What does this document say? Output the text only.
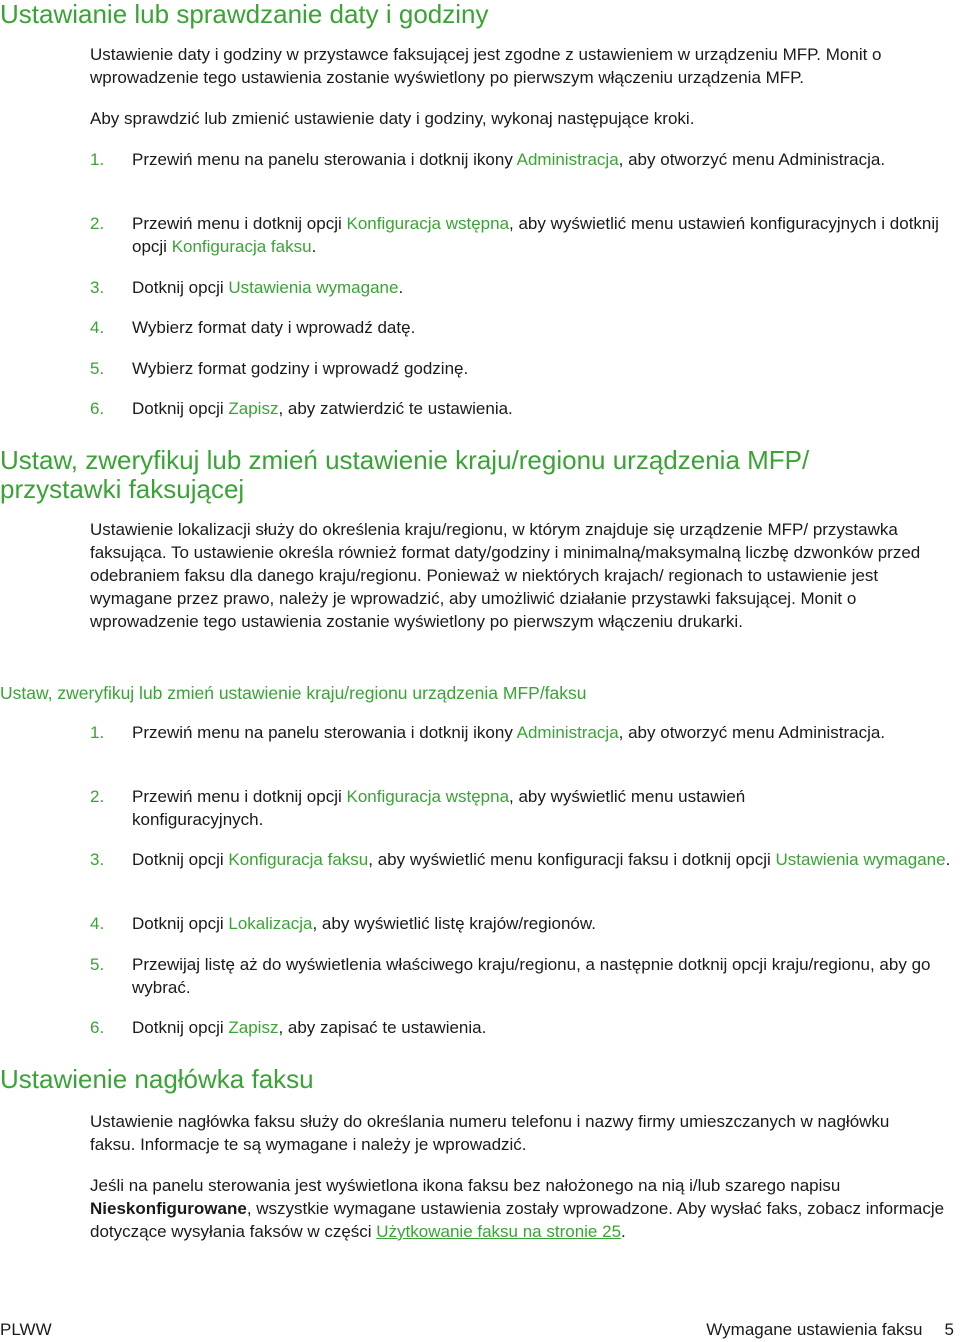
Ustawianie lub sprawdzanie daty i godziny

Ustawienie daty i godziny w przystawce faksującej jest zgodne z ustawieniem w urządzeniu MFP. Monit o wprowadzenie tego ustawienia zostanie wyświetlony po pierwszym włączeniu urządzenia MFP.

Aby sprawdzić lub zmienić ustawienie daty i godziny, wykonaj następujące kroki.

1.	Przewiń menu na panelu sterowania i dotknij ikony Administracja, aby otworzyć menu Administracja.
2.	Przewiń menu i dotknij opcji Konfiguracja wstępna, aby wyświetlić menu ustawień konfiguracyjnych i dotknij opcji Konfiguracja faksu.
3.	Dotknij opcji Ustawienia wymagane.
4.	Wybierz format daty i wprowadź datę.
5.	Wybierz format godziny i wprowadź godzinę.
6.	Dotknij opcji Zapisz, aby zatwierdzić te ustawienia.
Ustaw, zweryfikuj lub zmień ustawienie kraju/regionu urządzenia MFP/
przystawki faksującej

Ustawienie lokalizacji służy do określenia kraju/regionu, w którym znajduje się urządzenie MFP/ przystawka faksująca. To ustawienie określa również format daty/godziny i minimalną/maksymalną liczbę dzwonków przed odebraniem faksu dla danego kraju/regionu. Ponieważ w niektórych krajach/ regionach to ustawienie jest wymagane przez prawo, należy je wprowadzić, aby umożliwić działanie przystawki faksującej. Monit o wprowadzenie tego ustawienia zostanie wyświetlony po pierwszym włączeniu drukarki.

Ustaw, zweryfikuj lub zmień ustawienie kraju/regionu urządzenia MFP/faksu
1.	Przewiń menu na panelu sterowania i dotknij ikony Administracja, aby otworzyć menu Administracja.
2.	Przewiń menu i dotknij opcji Konfiguracja wstępna, aby wyświetlić menu ustawień konfiguracyjnych.
3.	Dotknij opcji Konfiguracja faksu, aby wyświetlić menu konfiguracji faksu i dotknij opcji Ustawienia wymagane.
4.	Dotknij opcji Lokalizacja, aby wyświetlić listę krajów/regionów.
5.	Przewijaj listę aż do wyświetlenia właściwego kraju/regionu, a następnie dotknij opcji kraju/regionu, aby go wybrać.
6.	Dotknij opcji Zapisz, aby zapisać te ustawienia.
Ustawienie nagłówka faksu

Ustawienie nagłówka faksu służy do określania numeru telefonu i nazwy firmy umieszczanych w nagłówku faksu. Informacje te są wymagane i należy je wprowadzić.

Jeśli na panelu sterowania jest wyświetlona ikona faksu bez nałożonego na nią i/lub szarego napisu Nieskonfigurowane, wszystkie wymagane ustawienia zostały wprowadzone. Aby wysłać faks, zobacz informacje dotyczące wysyłania faksów w części Użytkowanie faksu na stronie 25.

PLWW	Wymagane ustawienia faksu 5
